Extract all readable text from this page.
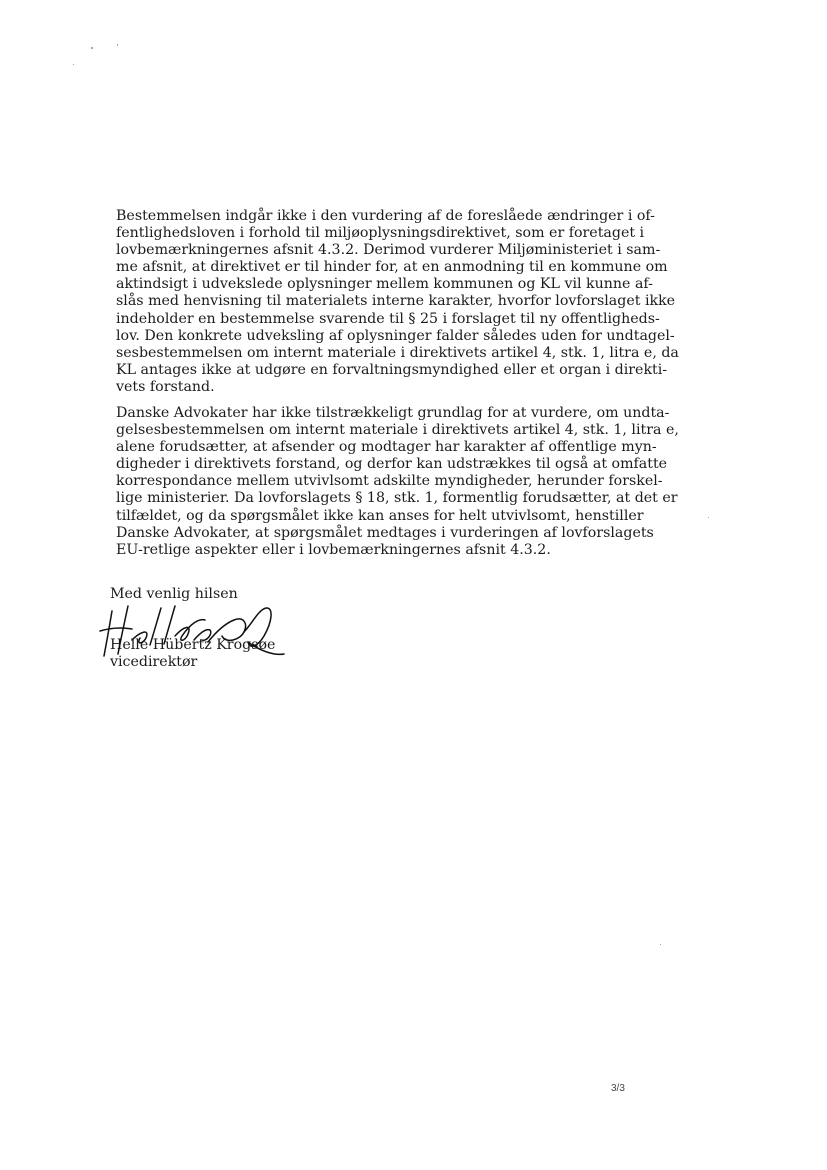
Bestemmelsen indgår ikke i den vurdering af de foreslåede ændringer i of-
fentlighedsloven i forhold til miljøoplysningsdirektivet, som er foretaget i
lovbemærkningernes afsnit 4.3.2. Derimod vurderer Miljøministeriet i sam-
me afsnit, at direktivet er til hinder for, at en anmodning til en kommune om
aktindsigt i udvekslede oplysninger mellem kommunen og KL vil kunne af-
slås med henvisning til materialets interne karakter, hvorfor lovforslaget ikke
indeholder en bestemmelse svarende til § 25 i forslaget til ny offentligheds-
lov. Den konkrete udveksling af oplysninger falder således uden for undtagel-
sesbestemmelsen om internt materiale i direktivets artikel 4, stk. 1, litra e, da
KL antages ikke at udgøre en forvaltningsmyndighed eller et organ i direkti-
vets forstand.
Danske Advokater har ikke tilstrækkeligt grundlag for at vurdere, om undta-
gelsesbestemmelsen om internt materiale i direktivets artikel 4, stk. 1, litra e,
alene forudsætter, at afsender og modtager har karakter af offentlige myn-
digheder i direktivets forstand, og derfor kan udstrækkes til også at omfatte
korrespondance mellem utvivlsomt adskilte myndigheder, herunder forskel-
lige ministerier. Da lovforslagets § 18, stk. 1, formentlig forudsætter, at det er
tilfældet, og da spørgsmålet ikke kan anses for helt utvivlsomt, henstiller
Danske Advokater, at spørgsmålet medtages i vurderingen af lovforslagets
EU-retlige aspekter eller i lovbemærkningernes afsnit 4.3.2.
Med venlig hilsen
Helle Hübertz Krogsøe
vicedirektør
3/3
